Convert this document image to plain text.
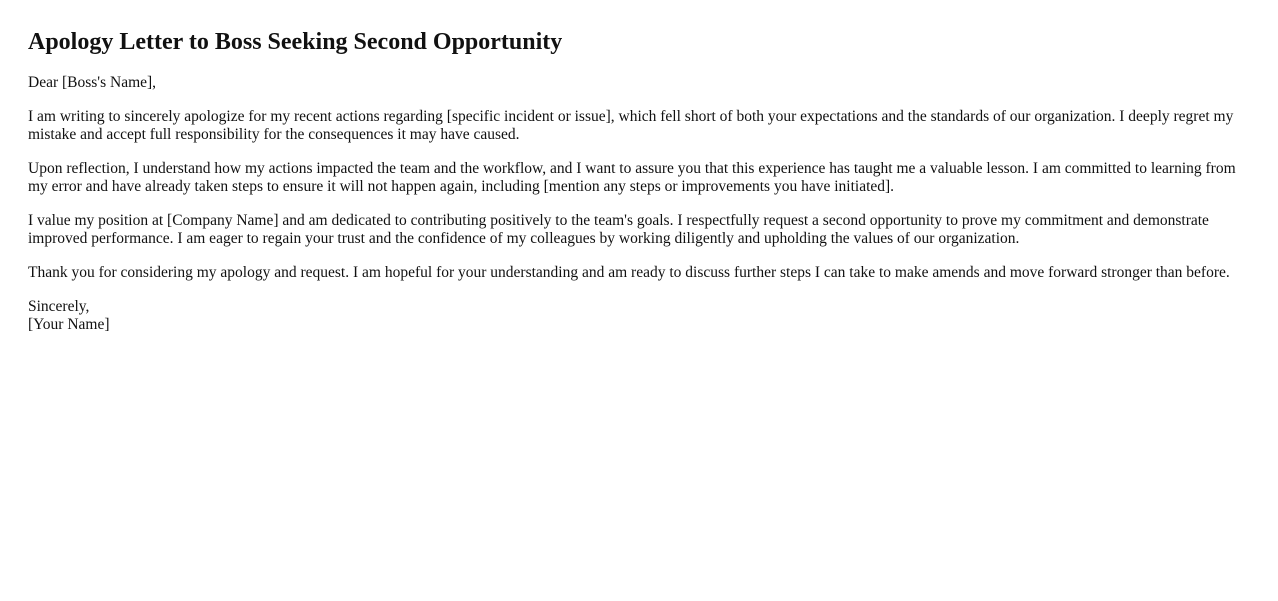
Apology Letter to Boss Seeking Second Opportunity

Dear [Boss's Name],

I am writing to sincerely apologize for my recent actions regarding [specific incident or issue], which fell short of both your expectations and the standards of our organization. I deeply regret my mistake and accept full responsibility for the consequences it may have caused.

Upon reflection, I understand how my actions impacted the team and the workflow, and I want to assure you that this experience has taught me a valuable lesson. I am committed to learning from my error and have already taken steps to ensure it will not happen again, including [mention any steps or improvements you have initiated].

I value my position at [Company Name] and am dedicated to contributing positively to the team's goals. I respectfully request a second opportunity to prove my commitment and demonstrate improved performance. I am eager to regain your trust and the confidence of my colleagues by working diligently and upholding the values of our organization.

Thank you for considering my apology and request. I am hopeful for your understanding and am ready to discuss further steps I can take to make amends and move forward stronger than before.

Sincerely,
[Your Name]
